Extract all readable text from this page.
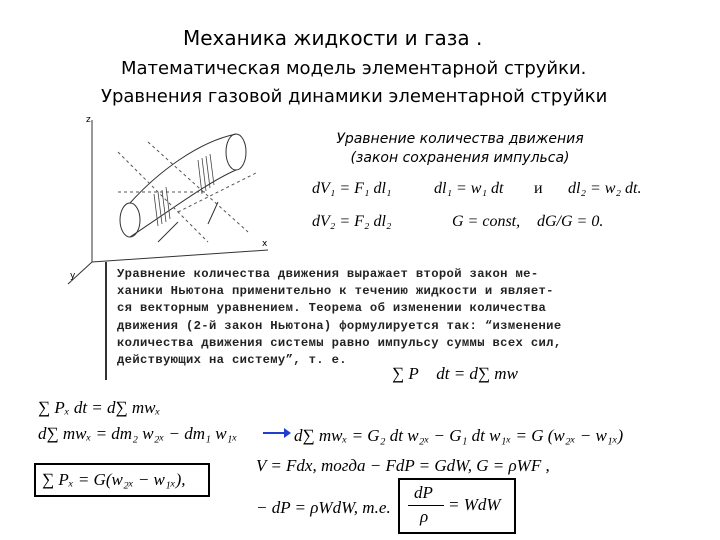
Механика жидкости и газа .
Математическая модель элементарной струйки.
Уравнения газовой динамики элементарной струйки
z
x
y
Уравнение количества движения
(закон сохранения импульса)
dV₁ = F₁ dl₁	dl₁ = w₁ dt и dl₂ = w₂ dt.
dV₂ = F₂ dl₂	G = const, dG/G = 0.
Уравнение количества движения выражает второй закон ме-
ханики Ньютона применительно к течению жидкости и являет-
ся векторным уравнением. Теорема об изменении количества
движения (2-й закон Ньютона) формулируется так: “изменение
количества движения системы равно импульсу суммы всех сил,
действующих на систему”, т. е.
∑ P⃗ dt = d∑ mw⃗
∑ Pₓ dt = d∑ mwₓ
d∑ mwₓ = dm₂ w₂ₓ − dm₁ w₁ₓ	d∑ mwₓ = G₂ dt w₂ₓ − G₁ dt w₁ₓ = G (w₂ₓ − w₁ₓ)
∑ Pₓ = G(w₂ₓ − w₁ₓ),
V = Fdx, тогда − FdP = GdW, G = ρWF ,
− dP = ρWdW, т.е.
dP
ρ
= WdW
